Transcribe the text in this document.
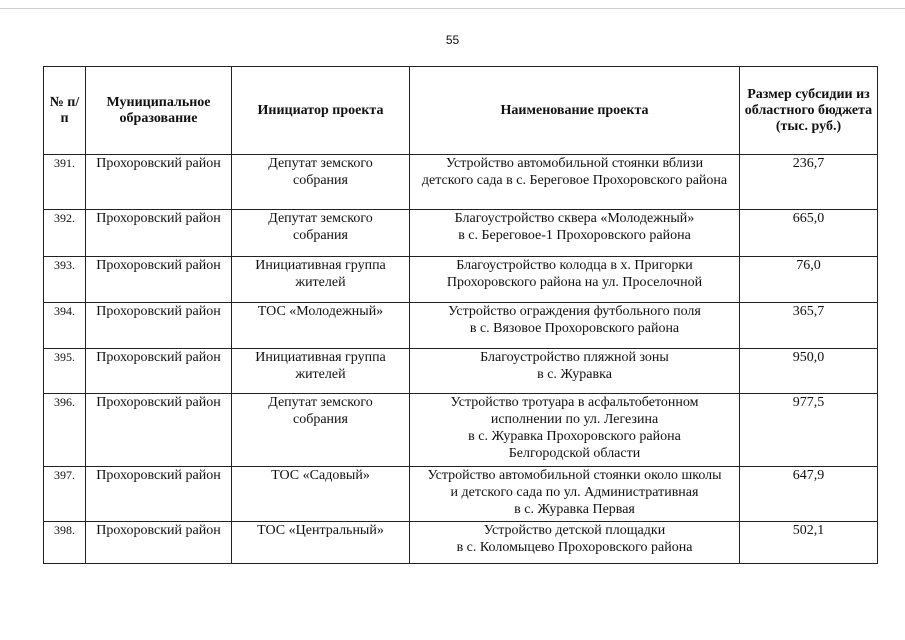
55
№ п/п	Муниципальное образование	Инициатор проекта	Наименование проекта	Размер субсидии из областного бюджета (тыс. руб.)
391.	Прохоровский район	Депутат земского
собрания	Устройство автомобильной стоянки вблизи
детского сада в с. Береговое Прохоровского района	236,7
392.	Прохоровский район	Депутат земского
собрания	Благоустройство сквера «Молодежный»
в с. Береговое-1 Прохоровского района	665,0
393.	Прохоровский район	Инициативная группа
жителей	Благоустройство колодца в х. Пригорки
Прохоровского района на ул. Проселочной	76,0
394.	Прохоровский район	ТОС «Молодежный»	Устройство ограждения футбольного поля
в с. Вязовое Прохоровского района	365,7
395.	Прохоровский район	Инициативная группа
жителей	Благоустройство пляжной зоны
в с. Журавка	950,0
396.	Прохоровский район	Депутат земского
собрания	Устройство тротуара в асфальтобетонном
исполнении по ул. Легезина
в с. Журавка Прохоровского района
Белгородской области	977,5
397.	Прохоровский район	ТОС «Садовый»	Устройство автомобильной стоянки около школы
и детского сада по ул. Административная
в с. Журавка Первая	647,9
398.	Прохоровский район	ТОС «Центральный»	Устройство детской площадки
в с. Коломыцево Прохоровского района	502,1
